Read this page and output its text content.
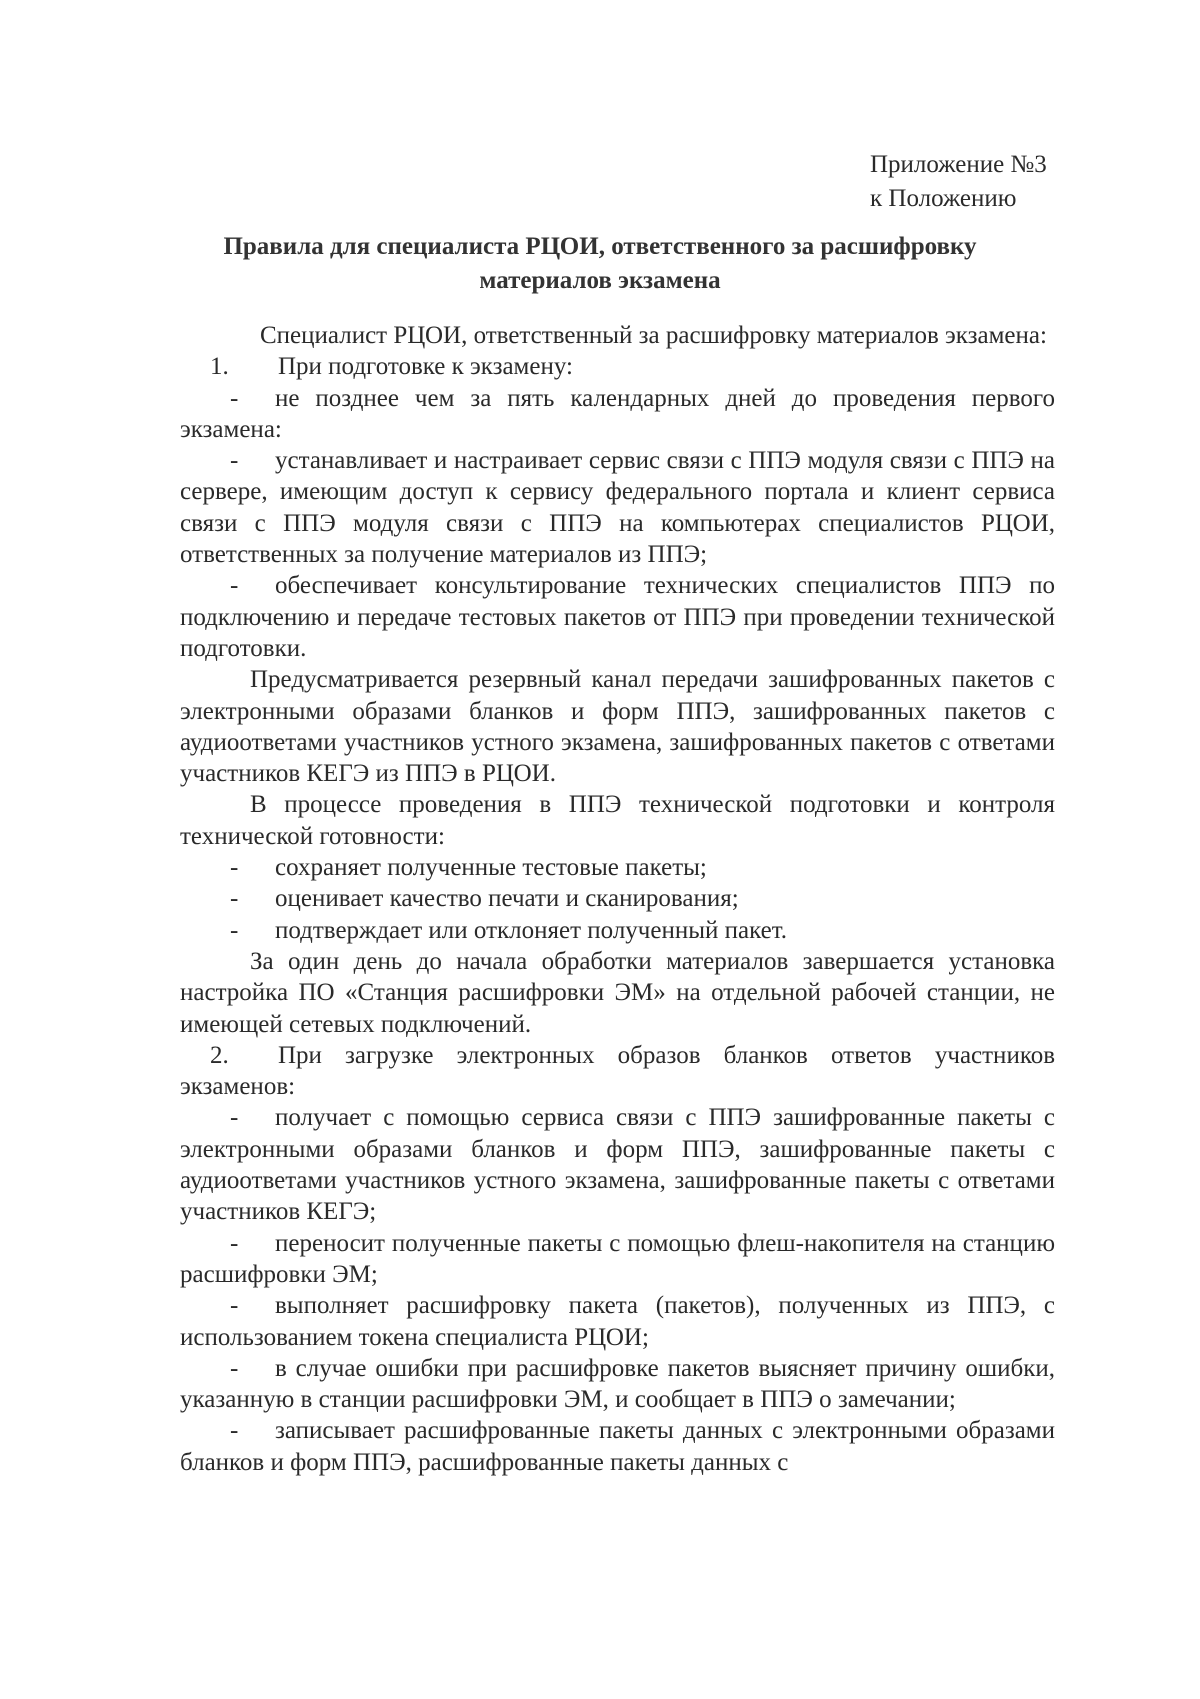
Приложение №3
к Положению
Правила для специалиста РЦОИ, ответственного за расшифровку
материалов экзамена

Специалист РЦОИ, ответственный за расшифровку материалов экзамена:

1. При подготовке к экзамену:

- не позднее чем за пять календарных дней до проведения первого экзамена:

- устанавливает и настраивает сервис связи с ППЭ модуля связи с ППЭ на сервере, имеющим доступ к сервису федерального портала и клиент сервиса связи с ППЭ модуля связи с ППЭ на компьютерах специалистов РЦОИ, ответственных за получение материалов из ППЭ;

- обеспечивает консультирование технических специалистов ППЭ по подключению и передаче тестовых пакетов от ППЭ при проведении технической подготовки.

Предусматривается резервный канал передачи зашифрованных пакетов с электронными образами бланков и форм ППЭ, зашифрованных пакетов с аудиоответами участников устного экзамена, зашифрованных пакетов с ответами участников КЕГЭ из ППЭ в РЦОИ.

В процессе проведения в ППЭ технической подготовки и контроля технической готовности:

- сохраняет полученные тестовые пакеты;

- оценивает качество печати и сканирования;

- подтверждает или отклоняет полученный пакет.

За один день до начала обработки материалов завершается установка настройка ПО «Станция расшифровки ЭМ» на отдельной рабочей станции, не имеющей сетевых подключений.

2. При загрузке электронных образов бланков ответов участников экзаменов:

- получает с помощью сервиса связи с ППЭ зашифрованные пакеты с электронными образами бланков и форм ППЭ, зашифрованные пакеты с аудиоответами участников устного экзамена, зашифрованные пакеты с ответами участников КЕГЭ;

- переносит полученные пакеты с помощью флеш-накопителя на станцию расшифровки ЭМ;

- выполняет расшифровку пакета (пакетов), полученных из ППЭ, с использованием токена специалиста РЦОИ;

- в случае ошибки при расшифровке пакетов выясняет причину ошибки, указанную в станции расшифровки ЭМ, и сообщает в ППЭ о замечании;

- записывает расшифрованные пакеты данных с электронными образами бланков и форм ППЭ, расшифрованные пакеты данных с
